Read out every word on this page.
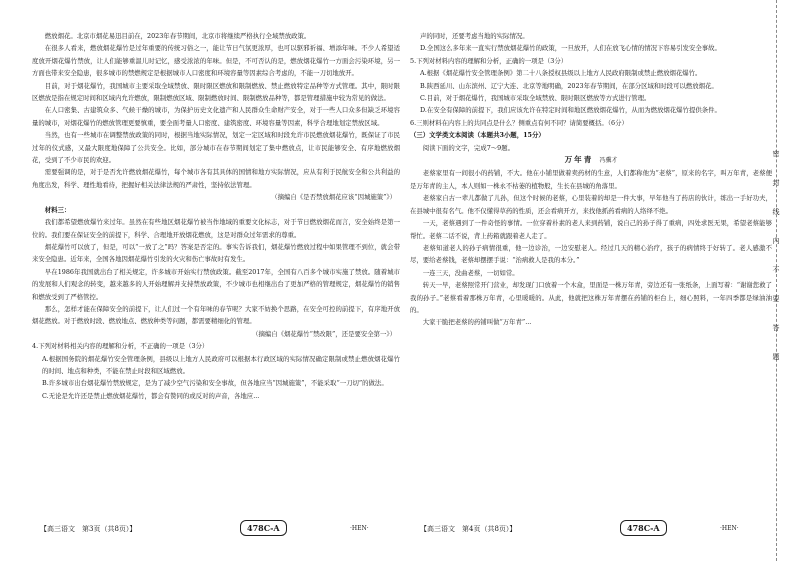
燃放烟花。北京市烟花易迅目前在，2023年春节期间，北京市将继续严格执行全域禁放政策。
在很多人看来，燃放烟花爆竹是过年重要的传统习俗之一，能让节日气氛更浓厚，也可以驱邪祈福、增添年味。不少人希望适度放开烟花爆竹禁放，让人们能够重温儿时记忆，感受浓浓的年味。但是，不可否认的是，燃放烟花爆竹一方面会污染环境，另一方面也带来安全隐患，很多城市的禁燃规定是根据城市人口密度和环境容量等因素综合考虑的，不能一刀切地放开。
目前，对于烟花爆竹，我国城市主要采取全域禁放、限时限区燃放和限制燃放、禁止燃放特定品种等方式管理。其中，限时限区燃放是指在规定时间和区域内允许燃放，限制燃放区域、限制燃放时间、限制燃放品种等，都是管理措施中较为常见的做法。
在人口密集、古建筑众多、气候干燥的城市，为保护历史文化遗产和人民群众生命财产安全，对于一些人口众多但缺乏环境容量的城市，对烟花爆竹的燃放管理更要慎重，要全面考量人口密度、建筑密度、环境容量等因素，科学合理地划定禁放区域。
当然，也有一些城市在调整禁放政策的同时，根据当地实际情况，划定一定区域和时段允许市民燃放烟花爆竹，既保证了市民过年的仪式感，又最大限度地保障了公共安全。比如，部分城市在春节期间划定了集中燃放点，让市民能够安全、有序地燃放烟花，受到了不少市民的欢迎。
需要强调的是，对于是否允许燃放烟花爆竹，每个城市各有其具体的国情和地方实际情况，应从有利于民航安全和公共利益的角度出发，科学、理性地看待，把握好相关法律法规的严肃性，坚持依法管理。
（摘编自《是否禁放烟花应该“因城施策”》）
材料三：
我们都希望燃放爆竹来过年。虽然在有些地区烟花爆竹被当作地域的重要文化标志，对于节日燃放烟花而言，安全始终是第一位的。我们要在保证安全的前提下，科学、合理地开放烟花燃放，这是对群众过年需求的尊重。
烟花爆竹可以放了，但是，可以“一放了之”吗？答案是否定的。事实告诉我们，烟花爆竹燃放过程中如果管理不到位，就会带来安全隐患。近年来，全国各地因烟花爆竹引发的火灾和伤亡事故时有发生。
早在1986年我国就出台了相关规定，许多城市开始实行禁放政策。截至2017年，全国有八百多个城市实施了禁放。随着城市的发展和人们观念的转变，越来越多的人开始理解并支持禁放政策，不少城市也相继出台了更加严格的管理规定，烟花爆竹的销售和燃放受到了严格管控。
那么，怎样才能在保障安全的前提下，让人们过一个有年味的春节呢？大家不妨换个思路，在安全可控的前提下，有序地开放烟花燃放。对于燃放时段、燃放地点、燃放种类等问题，都需要精细化的管理。
（摘编自《烟花爆竹“禁改限”，还是要安全第一》）
4.下列对材料相关内容的理解和分析，不正确的一项是（3分）
A.根据国务院的烟花爆竹安全管理条例，县级以上地方人民政府可以根据本行政区域的实际情况确定限制或禁止燃放烟花爆竹的时间、地点和种类，不能在禁止时段和区域燃放。
B.许多城市出台烟花爆竹禁放规定，是为了减少空气污染和安全事故，但各地应当“因城施策”，不能采取“一刀切”的做法。
C.无论是允许还是禁止燃放烟花爆竹，都会有赞同的或反对的声音，各地应...
声的同时，还要考虑当地的实际情况。
D.全国这么多年来一直实行禁放烟花爆竹的政策，一旦放开，人们在放飞心情的情况下容易引发安全事故。
5.下列对材料内容的理解和分析，正确的一项是（3分）
A.根据《烟花爆竹安全管理条例》第二十八条授权县级以上地方人民政府限制或禁止燃放烟花爆竹。
B.陕西延川、山东滨州、辽宁大连、北京等地明确，2023年春节期间，在部分区域和时段可以燃放烟花。
C.目前，对于烟花爆竹，我国城市采取全域禁放、限时限区燃放等方式进行管理。
D.在安全有保障的前提下，我们应该允许在特定时间和地区燃放烟花爆竹，从而为燃放烟花爆竹提供条件。
6.三则材料在内容上的共同点是什么？侧重点有何不同？请简要概括。（6分）
（三）文学类文本阅读（本题共3小题，15分）
阅读下面的文字，完成7～9题。
万年青 冯骥才
老蔡家里有一间很小的药铺，不大。他在小铺里做着卖药材的生意，人们都称他为“老蔡”，原来的名字，叫万年青，老蔡便是万年青的主人，本人则如一株永不枯萎的植物般，生长在县城的角落里。
老蔡家自古一辈儿都做了儿孙，但这个时候的老蔡，心里装着的却是一件大事，早年他当了药店的伙计，练出一手好功夫，在县城中很有名气。他不仅懂得草药的性质，还会看病开方，来找他抓药看病的人络绎不绝。
一天，老蔡遇到了一件奇怪的事情。一位穿着朴素的老人来到药铺，说自己的孙子得了重病，四处求医无果，希望老蔡能够帮忙。老蔡二话不说，背上药箱就跟着老人走了。
老蔡知道老人的孙子病情很重，他一边诊治，一边安慰老人。经过几天的精心治疗，孩子的病情终于好转了。老人感激不尽，要给老蔡钱，老蔡却摆摆手说：“治病救人是我的本分。”
一连三天，没曲老蔡，一切如常。
转天一早，老蔡照常开门营业，却发现门口放着一个木盒，里面是一株万年青，旁边还有一张纸条，上面写着：“谢谢您救了我的孙子。”老蔡看着那株万年青，心里暖暖的。从此，他就把这株万年青摆在药铺的柜台上，细心照料，一年四季都是绿油油的。
大家干脆把老蔡的药铺叫做“万年青”...
【高三语文　第3页（共8页）】	478C-A	·HEN·	【高三语文　第4页（共8页）】	478C-A	·HEN·
密封线内不要答题
